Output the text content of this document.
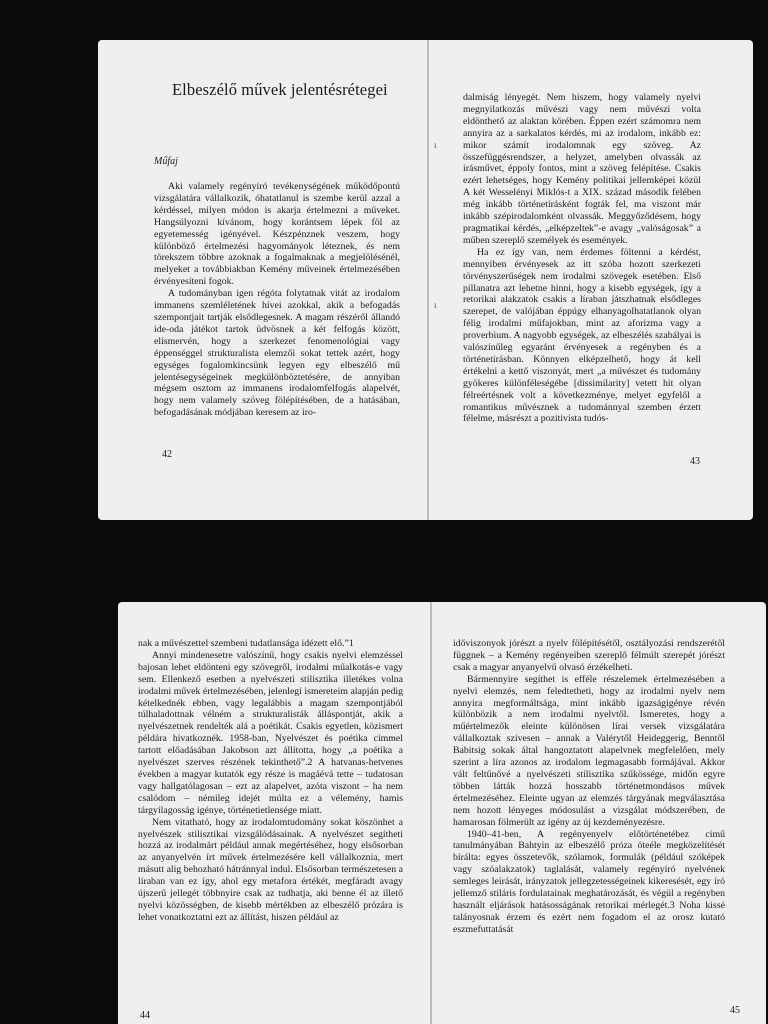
Elbeszélő művek jelentésrétegei

Műfaj

Aki valamely regényíró tevékenységének működőpontú vizsgálatára vállalkozik, óhatatlanul is szembe kerül azzal a kérdéssel, milyen módon is akarja értelmezni a műveket. Hangsúlyozni kívánom, hogy korántsem lépek föl az egyetemesség igényével. Készpénznek veszem, hogy különböző értelmezési hagyományok léteznek, és nem törekszem többre azoknak a fogalmaknak a megjelölésénél, melyeket a továbbiakban Kemény műveinek értelmezésében érvényesíteni fogok.

A tudományban igen régóta folytatnak vitát az irodalom immanens szemléletének hívei azokkal, akik a befogadás szempontjait tartják elsődlegesnek. A magam részéről állandó ide-oda játékot tartok üdvösnek a két felfogás között, elismervén, hogy a szerkezet fenomenológiai vagy éppenséggel strukturalista elemzői sokat tettek azért, hogy egységes fogalomkincsünk legyen egy elbeszélő mű jelentésegységeinek megkülönböztetésére, de annyiban mégsem osztom az immanens irodalomfelfogás alapelvét, hogy nem valamely szöveg fölépítésében, de a hatásában, befogadásának módjában keresem az iro-

42

dalmiság lényegét. Nem hiszem, hogy valamely nyelvi megnyilatkozás művészi vagy nem művészi volta eldönthető az alaktan körében. Éppen ezért számomra nem annyira az a sarkalatos kérdés, mi az irodalom, inkább ez: mikor számít irodalomnak egy szöveg. Az összefüggésrendszer, a helyzet, amelyben olvassák az írásművet, éppoly fontos, mint a szöveg felépítése. Csakis ezért lehetséges, hogy Kemény politikai jellemképei közül A két Wesselényi Miklós-t a XIX. század második felében még inkább történetírásként fogták fel, ma viszont már inkább szépirodalomként olvassák. Meggyőződésem, hogy pragmatikai kérdés, „elképzeltek”-e avagy „valóságosak” a műben szereplő személyek és események.

Ha ez így van, nem érdemes föltenni a kérdést, mennyiben érvényesek az itt szóba hozott szerkezeti törvényszerűségek nem irodalmi szövegek esetében. Első pillanatra azt lehetne hinni, hogy a kisebb egységek, így a retorikai alakzatok csakis a líraban játszhatnak elsődleges szerepet, de valójában éppúgy elhanyagolhatatlanok olyan félig irodalmi műfajokban, mint az aforizma vagy a proverbium. A nagyobb egységek, az elbeszélés szabályai is valószínűleg egyaránt érvényesek a regényben és a történetírásban. Könnyen elképzelhető, hogy át kell értékelni a kettő viszonyát, mert „a művészet és tudomány gyökeres különféleségébe [dissimilarity] vetett hit olyan félreértésnek volt a következménye, melyet egyfelől a romantikus művésznek a tudománnyal szemben érzett félelme, másrészt a pozitivista tudós-

43
ı
ı

nak a művészettel szembeni tudatlansága idézett elő.”1

Annyi mindenesetre valószínű, hogy csakis nyelvi elemzéssel bajosan lehet eldönteni egy szövegről, irodalmi műalkotás-e vagy sem. Ellenkező esetben a nyelvészeti stilisztika illetékes volna irodalmi művek értelmezésében, jelenlegi ismereteim alapján pedig kételkednék ebben, vagy legalábbis a magam szempontjából túlhaladottnak vélném a strukturalisták álláspontját, akik a nyelvészetnek rendelték alá a poétikát. Csakis egyetlen, közismert példára hivatkoznék. 1958-ban, Nyelvészet és poétika címmel tartott előadásában Jakobson azt állította, hogy „a poétika a nyelvészet szerves részének tekinthető”.2 A hatvanas-hetvenes években a magyar kutatók egy része is magáévá tette – tudatosan vagy hallgatólagosan – ezt az alapelvet, azóta viszont – ha nem csalódom – némileg idejét múlta ez a vélemény, hamis tárgyilagosság igénye, történetietlensége miatt.

Nem vitatható, hogy az irodalomtudomány sokat köszönhet a nyelvészek stilisztikai vizsgálódásainak. A nyelvészet segítheti hozzá az irodalmárt például annak megértéséhez, hogy elsősorban az anyanyelvén írt művek értelmezésére kell vállalkoznia, mert másutt alig behozható hátránnyal indul. Elsősorban természetesen a líraban van ez így, ahol egy metafora értékét, megfáradt avagy újszerű jellegét többnyire csak az tudhatja, aki benne él az illető nyelvi közösségben, de kisebb mértékben az elbeszélő prózára is lehet vonatkoztatni ezt az állítást, hiszen például az

44

időviszonyok jórészt a nyelv fölépítésétől, osztályozási rendszerétől függnek – a Kemény regényeiben szereplő félmúlt szerepét jórészt csak a magyar anyanyelvű olvasó érzékelheti.

Bármennyire segíthet is efféle részelemek értelmezésében a nyelvi elemzés, nem feledtetheti, hogy az irodalmi nyelv nem annyira megformáltsága, mint inkább igazságigénye révén különbözik a nem irodalmi nyelvtől. Ismeretes, hogy a műértelmezők eleinte különösen lírai versek vizsgálatára vállalkoztak szívesen – annak a Valérytől Heideggerig, Benntől Babitsig sokak által hangoztatott alapelvnek megfelelően, mely szerint a líra azonos az irodalom legmagasabb formájával. Akkor vált feltűnővé a nyelvészeti stilisztika szűkössége, midőn egyre többen látták hozzá hosszabb történetmondásos művek értelmezéséhez. Eleinte ugyan az elemzés tárgyának megválasztása nem hozott lényeges módosulást a vizsgálat módszerében, de hamarosan fölmerült az igény az új kezdeményezésre.

1940–41-ben, A regényenyelv előtörténetébez című tanulmányában Bahtyin az elbeszélő próza öteéle megközelítését bírálta: egyes összetevők, szólamok, formulák (például szóképek vagy szóalakzatok) taglalását, valamely regényíró nyelvének semleges leírását, irányzatok jellegzetességeinek kikeresését, egy író jellemző stiláris fordulatainak meghatározását, és végül a regényben használt eljárások hatásosságának retorikai mérlegét.3 Noha kissé talányosnak érzem és ezért nem fogadom el az orosz kutató eszmefuttatását

45
